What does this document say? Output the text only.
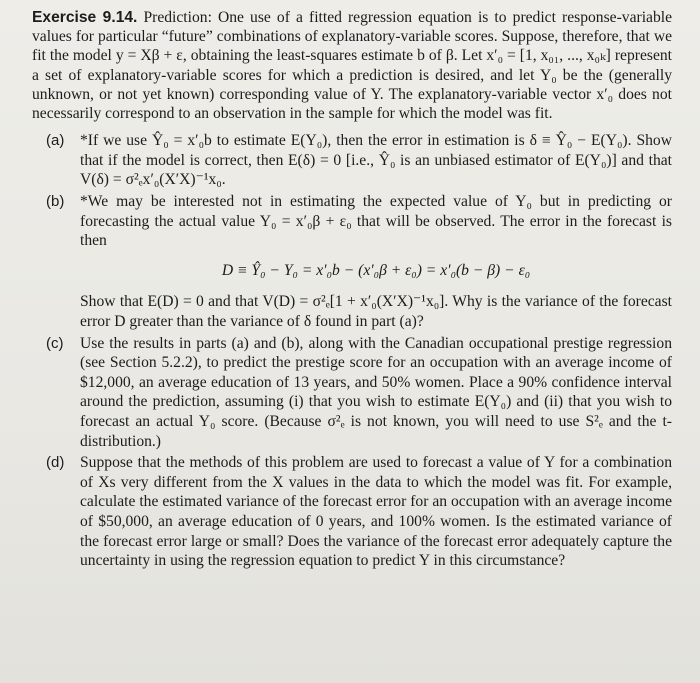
Exercise 9.14. Prediction: One use of a fitted regression equation is to predict response-variable values for particular “future” combinations of explanatory-variable scores. Suppose, therefore, that we fit the model y = Xβ + ε, obtaining the least-squares estimate b of β. Let x′₀ = [1, x₀₁, ..., x₀ₖ] represent a set of explanatory-variable scores for which a prediction is desired, and let Y₀ be the (generally unknown, or not yet known) corresponding value of Y. The explanatory-variable vector x′₀ does not necessarily correspond to an observation in the sample for which the model was fit.

(a) *If we use Ŷ₀ = x′₀b to estimate E(Y₀), then the error in estimation is δ ≡ Ŷ₀ − E(Y₀). Show that if the model is correct, then E(δ) = 0 [i.e., Ŷ₀ is an unbiased estimator of E(Y₀)] and that V(δ) = σ²ₑx′₀(X′X)⁻¹x₀.
(b) *We may be interested not in estimating the expected value of Y₀ but in predicting or forecasting the actual value Y₀ = x′₀β + ε₀ that will be observed. The error in the forecast is then
D ≡ Ŷ₀ − Y₀ = x′₀b − (x′₀β + ε₀) = x′₀(b − β) − ε₀
Show that E(D) = 0 and that V(D) = σ²ₑ[1 + x′₀(X′X)⁻¹x₀]. Why is the variance of the forecast error D greater than the variance of δ found in part (a)?
(c) Use the results in parts (a) and (b), along with the Canadian occupational prestige regression (see Section 5.2.2), to predict the prestige score for an occupation with an average income of $12,000, an average education of 13 years, and 50% women. Place a 90% confidence interval around the prediction, assuming (i) that you wish to estimate E(Y₀) and (ii) that you wish to forecast an actual Y₀ score. (Because σ²ₑ is not known, you will need to use S²ₑ and the t-distribution.)
(d) Suppose that the methods of this problem are used to forecast a value of Y for a combination of Xs very different from the X values in the data to which the model was fit. For example, calculate the estimated variance of the forecast error for an occupation with an average income of $50,000, an average education of 0 years, and 100% women. Is the estimated variance of the forecast error large or small? Does the variance of the forecast error adequately capture the uncertainty in using the regression equation to predict Y in this circumstance?
